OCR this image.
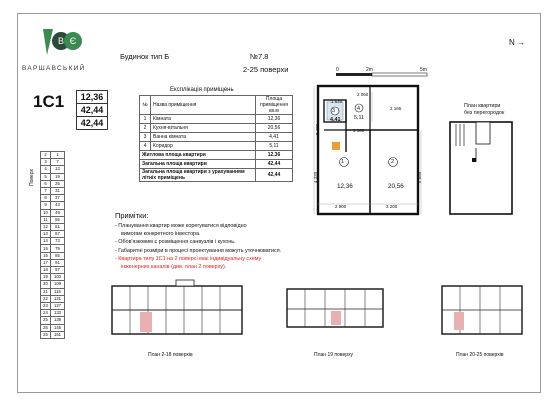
В Є
ВАРШАВСЬКИЙ
Будинок тип Б	№7.8
2-25 поверхи
1С1	12,36
42,44
42,44
Експлікація приміщень
№	Назва приміщення	Площа приміщення кв.м
1	Кімната	12,36
2	Кухня-вітальня	20,56
3	Ванна кімната	4,41
4	Коридор	5,11
Житлова площа квартири		12,36
Загальна площа квартири		42,44
Загальна площа квартири з урахуванням літніх приміщень		42,44
Поверх
2	1
3	7
4	13
5	19
6	25
7	31
8	37
9	43
10	49
11	55
12	61
13	67
14	73
15	79
16	85
17	91
18	97
19	103
20	109
21	115
22	121
23	127
24	133
25	139
25	145
25	151
Примітки:
- Планування квартир може корегуватися відповідно
вимогам конкретного інвестора.
- Обов'язковим є розміщення санвузлів і кухонь.
- Габаритні розміри в процесі проектування можуть уточнюватися.
- Квартира типу 1С1 на 2 поверсі має індивідуальну схему
інженерних каналів (див. план 2 поверху).
N →
0	2m	5m
1
12,36
2
20,56
3
4,41
4
5,11
2 060
1 640
2 165
1 160
2 420
4 320	5 850
2 900	3 200
План квартири
без перегородок
План 2-18 поверхів	План 19 поверху	План 20-25 поверхів
